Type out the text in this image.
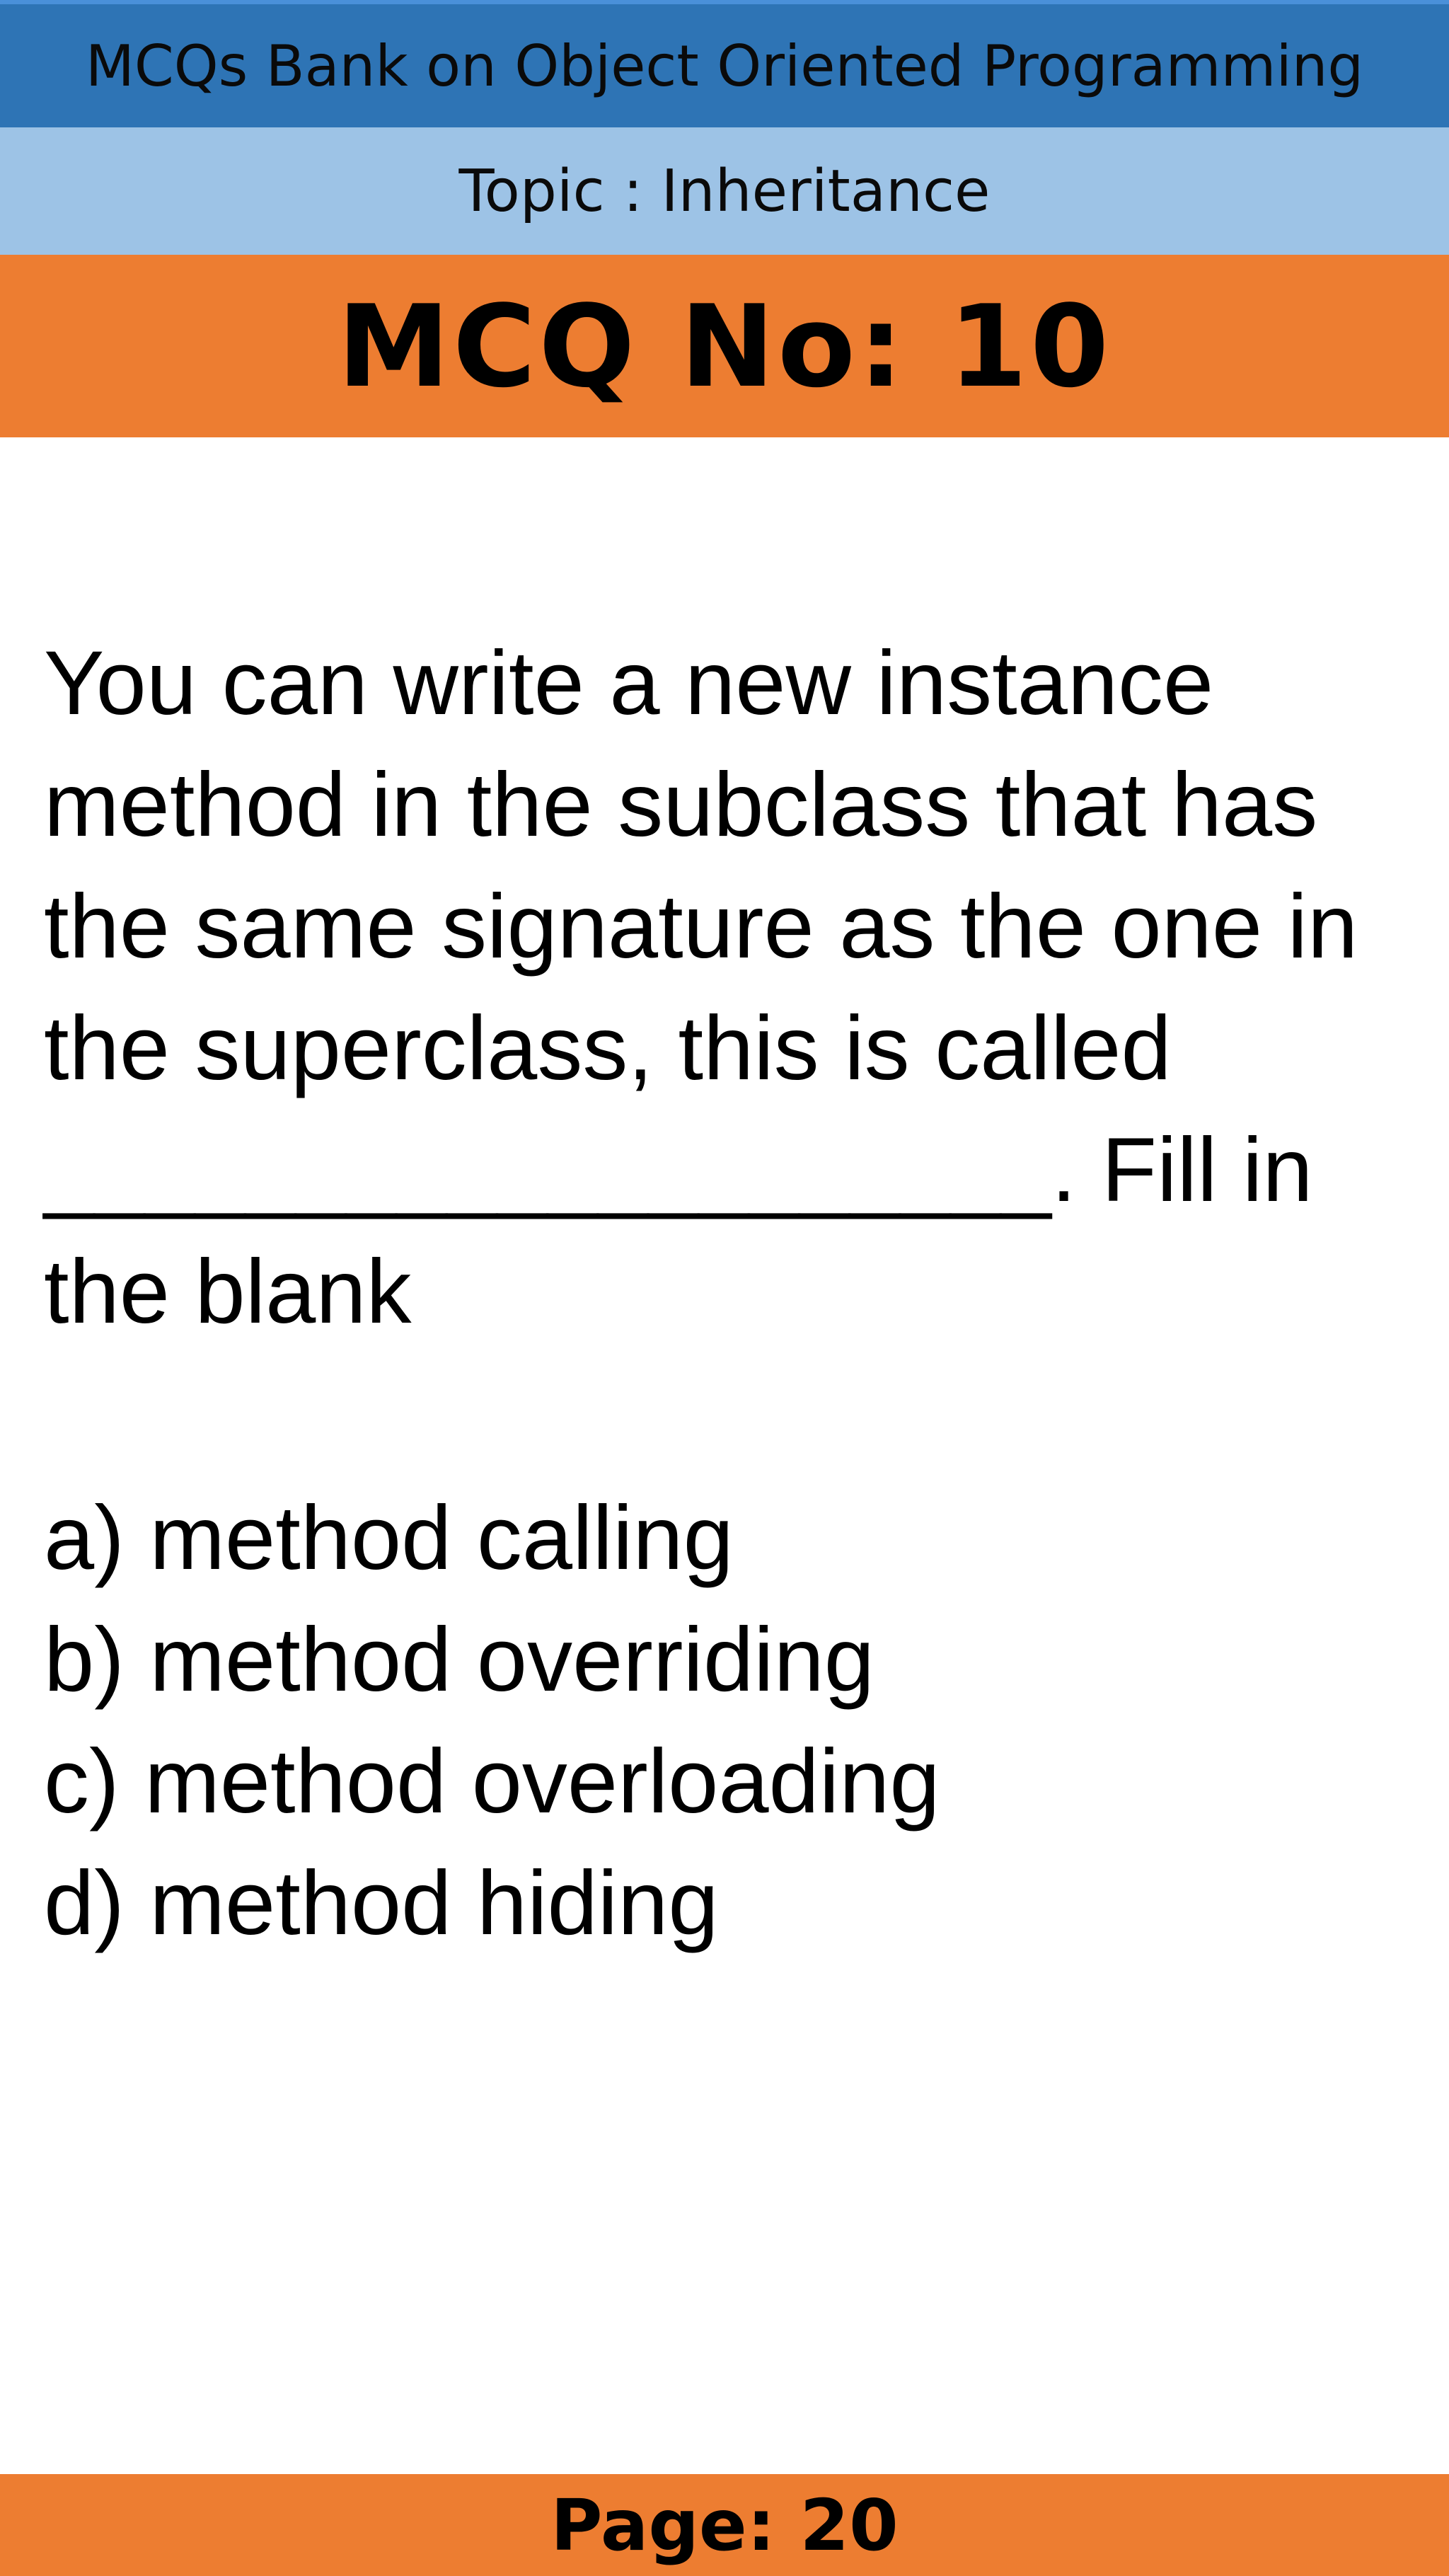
MCQs Bank on Object Oriented Programming
Topic : Inheritance
MCQ No: 10

You can write a new instance method in the subclass that has the same signature as the one in the superclass, this is called ____________________. Fill in the blank

a) method calling
b) method overriding
c) method overloading
d) method hiding
Page: 20
